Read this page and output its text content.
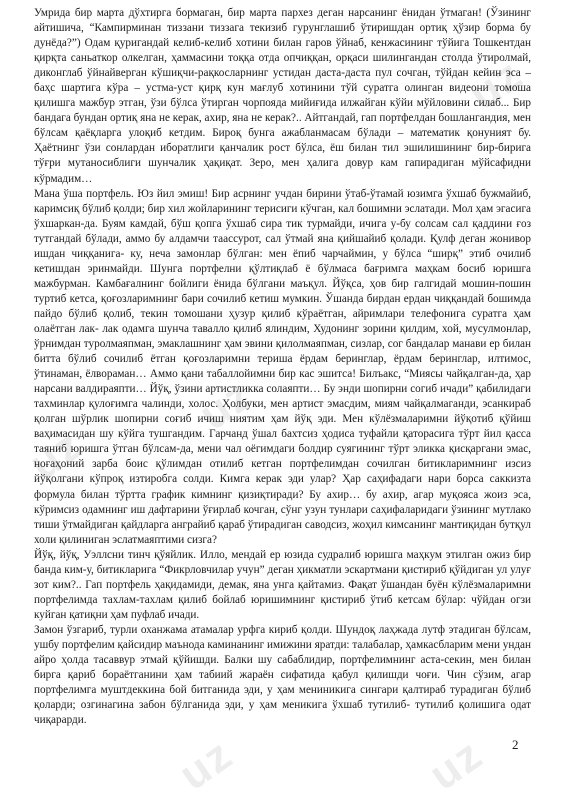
uz
uz
uz
uz	uz

Умрида бир марта дўхтирга бормаган, бир марта пархез деган нарсанинг ёнидан ўтмаган! (Ўзининг айтишича, “Кампирминан тиззани тиззага текизиб гурунглашиб ўтиришдан ортиқ ҳўзир борма бу дунёда?”) Одам қуригандай келиб-келиб хотини билан гаров ўйнаб, кенжасининг тўйига Тошкентдан қирқта саньаткор олкелган, ҳаммасини тоққа отда опчиққан, орқаси шилингандан столда ўтиролмай, диконглаб ўйнайверган кўшиқчи-рақкосларнинг устидан даста-даста пул сочган, тўйдан кейин эса – баҳс шартига кўра – устма-уст қирқ кун мағлуб хотинини тўй суратга олинган видеони томоша қилишга мажбур этган, ўзи бўлса ўтирган чорпояда мийиғида илжайган кўйи мўйловини силаб... Бир бандага бундан ортиқ яна не керак, ахир, яна не керак?.. Айтгандай, гап портфелдан бошлангандия, мен бўлсам қаёқларга улоқиб кетдим. Бироқ бунга ажабланмасам бўлади – математик қонуният бу. Ҳаётнинг ўзи сонлардан иборатлиги қанчалик рост бўлса, ёш билан тил эшилишининг бир-бирига тўғри мутаносиблиги шунчалик ҳақиқат. Зеро, мен ҳалига довур кам гапирадиган мўйсафидни кўрмадим…

Мана ўша портфель. Юз йил эмиш! Бир асрнинг учдан бирини ўтаб-ўтамай юзимга ўхшаб бужмайиб, каримсиқ бўлиб қолди; бир хил жойларининг терисиги кўчган, кал бошимни эслатади. Мол ҳам эгасига ўхшаркан-да. Буям камдай, бўш қопга ўхшаб сира тик турмайди, ичига у-бу солсам сал қаддини ғоз тутгандай бўлади, аммо бу алдамчи таассурот, сал ўтмай яна қийшайиб қолади. Қулф деган жонивор ишдан чиққанига- ку, неча замонлар бўлган: мен ёпиб чарчаймин, у бўлса “ширқ” этиб очилиб кетишдан эринмайди. Шунга портфелни қўлтиқлаб ё бўлмаса бағримга маҳкам босиб юришга мажбурман. Камбағалнинг бойлиги ёнида бўлгани маъқул. Йўқса, ҳов бир галгидай мошин-пошин туртиб кетса, қоғозларимнинг бари сочилиб кетиш мумкин. Ўшанда бирдан ердан чиққандай бошимда пайдо бўлиб қолиб, текин томошани ҳузур қилиб кўраётган, айримлари телефонига суратга ҳам олаётган лак- лак одамга шунча тавалло қилиб ялиндим, Худонинг зорини қилдим, хой, мусулмонлар, ўрнимдан туролмаяпман, эмаклашнинг ҳам эвини қилолмаяпман, сизлар, сог бандалар манави ер билан битта бўлиб сочилиб ётган қоғозларимни териша ёрдам беринглар, ёрдам беринглар, илтимос, ўтинаман, ёлвораман… Аммо қани табаллойимни бир кас эшитса! Билъакс, “Миясы чайқалган-да, ҳар нарсани валдираяпти… Йўқ, ўзини артистликка солаяпти… Бу энди шопирни согиб ичади” қабилидаги тахминлар қулоғимга чалинди, холос. Ҳолбуки, мен артист эмасдим, миям чайқалмаганди, эсанкираб қолган шўрлик шопирни соғиб ичиш ниятим ҳам йўқ эди. Мен кўлёзмаларимни йўқотиб қўйиш ваҳимасидан шу кўйга тушгандим. Гарчанд ўшал бахтсиз ҳодиса туфайли қаторасига тўрт йил қасса таяниб юришга ўтган бўлсам-да, мени чал оёгимдаги болдир суягининг тўрт эликка қисқаргани эмас, ноғаҳоний зарба боис қўлимдан отилиб кетган портфелимдан сочилган битикларимнинг изсиз йўқолгани кўпроқ изтиробга солди. Кимга керак эди улар? Ҳар саҳифадаги нари борса саккизта формула билан тўртта график кимнинг қизиқтиради? Бу ахир… бу ахир, агар муқояса жоиз эса, кўримсиз одамнинг иш дафтарини ўғирлаб кочган, сўнг узун тунлари саҳифаларидаги ўзининг мутлако тиши ўтмайдиган қайдларга анграйиб қараб ўтирадиган саводсиз, жоҳил кимсанинг мантиқидан бутқул холи қилиниган эслатмаяптими сизга?

Йўқ, йўқ, Уэллсни тинч қўяйлик. Илло, мендай ер юзида судралиб юришга маҳкум этилган ожиз бир банда ким-у, битикларига “Фикрловчилар учун” деган ҳикматли эскартмани қистириб қўйдиган ул улуғ зот ким?.. Гап портфель ҳақидамиди, демак, яна унга қайтамиз. Фақат ўшандан буён кўлёзмаларимни портфелимда тахлам-тахлам қилиб бойлаб юришимнинг қистириб ўтиб кетсам бўлар: чўйдан огзи куйган қатиқни ҳам пуфлаб ичади.

Замон ўзгариб, турли оханжама атамалар урфга кириб қолди. Шундоқ лаҳжада лутф этадиган бўлсам, ушбу портфелим қайсидир маънода каминанинг имижини яратди: талабалар, ҳамкасбларим мени ундан айро ҳолда тасаввур этмай қўйишди. Балки шу сабаблидир, портфелимнинг аста-секин, мен билан бирга қариб бораётганини ҳам табиий жараён сифатида қабул қилишди чоғи. Чин сўзим, агар портфелимга муштдеккина бой битганида эди, у ҳам мениникига сингари қалтираб турадиган бўлиб қоларди; озгинагина забон бўлганида эди, у ҳам меникига ўхшаб тутилиб- тутилиб қолишига одат чиқарарди.

2
